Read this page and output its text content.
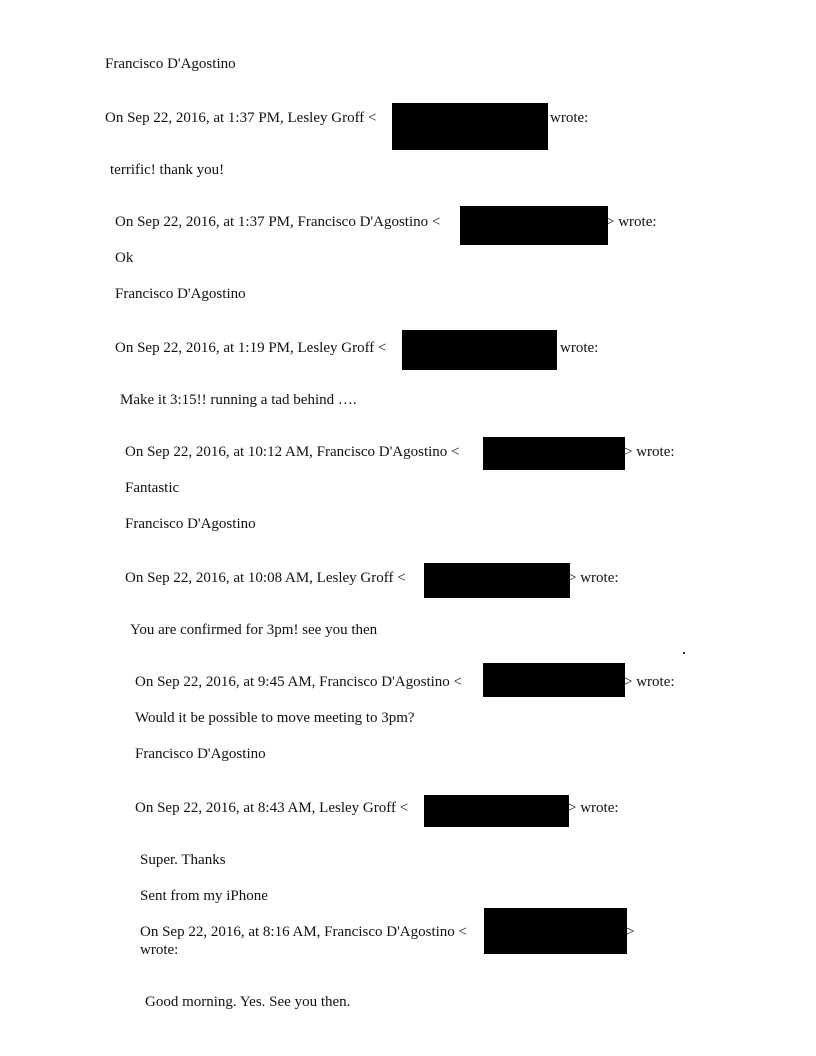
Francisco D'Agostino
On Sep 22, 2016, at 1:37 PM, Lesley Groff <	wrote:
terrific! thank you!
On Sep 22, 2016, at 1:37 PM, Francisco D'Agostino <	> wrote:
Ok
Francisco D'Agostino
On Sep 22, 2016, at 1:19 PM, Lesley Groff <	wrote:
Make it 3:15!! running a tad behind ….
On Sep 22, 2016, at 10:12 AM, Francisco D'Agostino <	> wrote:
Fantastic
Francisco D'Agostino
On Sep 22, 2016, at 10:08 AM, Lesley Groff <	> wrote:
You are confirmed for 3pm! see you then
On Sep 22, 2016, at 9:45 AM, Francisco D'Agostino <	> wrote:
Would it be possible to move meeting to 3pm?
Francisco D'Agostino
On Sep 22, 2016, at 8:43 AM, Lesley Groff <	> wrote:
Super. Thanks
Sent from my iPhone
On Sep 22, 2016, at 8:16 AM, Francisco D'Agostino <	>
wrote:
Good morning. Yes. See you then.
